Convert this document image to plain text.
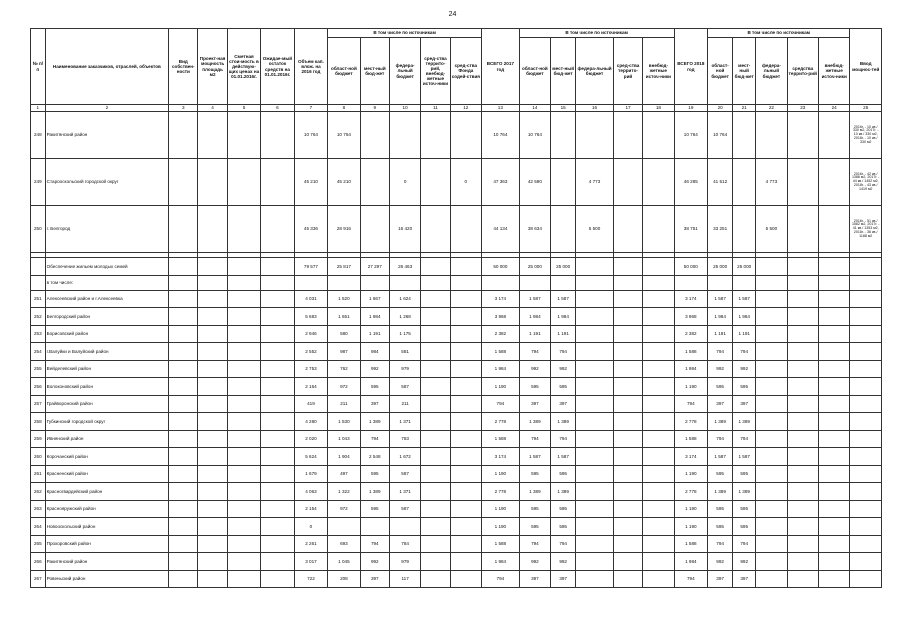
24
№ п/п	Наименование заказчиков, отраслей, объектов	Вид собствен-ности	Проект-ная мощность площадь м2	Сметная стои-мость в действую-щих ценах на 01.01.2016г.	Ожидае-мый остаток средств на 01.01.2016г.	Объем кап. влож. на 2016 год	В том числе по источникам					ВСЕГО 2017 год	В том числе по источникам					ВСЕГО 2018 год	В том числе по источникам					Ввод мощнос-тей
							област-ной бюджет	мест-ный бюд-жет	федера-льный бюджет	сред-ства террито-рий, внебюд-жетные источ-ники	сред-ства Фонда содей-ствия		област-ной бюджет	мест-ный бюд-жет	федера-льный бюджет	сред-ства террито-рий	внебюд-жетные источ-ники		област-ной бюджет	мест-ный бюд-жет	федера-льный бюджет	средства террито-рий	внебюд-жетные источ-ники	
1	2	3	4	5	6	7	8	9	10	11	12	13	14	15	16	17	18	19	20	21	22	23	24	25
248	Ракитянский район					10 764	10 764					10 764	10 764					10 764	10 764					2016г. - 10 кв./ 330 м2, 2017г. - 10 кв./ 330 м2, 2018г. - 10 кв./ 330 м2
249	Старооскольский городской округ					45 210	45 210		0		0	47 363	42 590		4 773			46 285	41 512		4 773			2016г. - 42 кв./ 1386 м2, 2017г. - 44 кв./ 1452 м2, 2018г. - 43 кв./ 1419 м2
250	г. Белгород					45 336	28 916		16 420			44 134	38 634		5 500			38 751	33 251		5 500			2016г. - 51 кв./ 1582 м2, 2017г. - 41 кв./ 1353 м2, 2018г. - 36 кв./ 1188 м2

	Обеспечение жильем молодых семей					79 577	25 817	27 297	26 463			50 000	25 000	25 000				50 000	25 000	25 000				
	в том числе:																							
251	Алексеевский район и г.Алексеевка					4 031	1 520	1 667	1 624			3 174	1 587	1 587				3 174	1 587	1 587				
252	Белгородский район					5 683	1 651	1 984	1 268			3 968	1 984	1 984				3 968	1 984	1 984				
253	Борисовский район					2 946	580	1 191	1 175			2 382	1 191	1 191				2 382	1 191	1 191				
254	г.Валуйки и Валуйский район					2 552	987	984	581			1 588	794	794				1 588	794	794				
255	Вейделевский район					2 753	762	992	979			1 984	992	992				1 984	992	992				
256	Волоконовский район					2 164	972	595	587			1 190	595	595				1 190	595	595				
257	Грайворонский район					419	211	397	211			794	397	397				794	397	397				
258	Губкинский городской округ					4 280	1 530	1 389	1 371			2 778	1 389	1 389				2 778	1 389	1 389				
259	Ивнянский район					2 020	1 043	794	783			1 588	794	794				1 588	794	794				
260	Корочанский район					5 624	1 904	2 548	1 672			3 174	1 587	1 587				3 174	1 587	1 587				
261	Красненский район					1 679	497	595	587			1 190	595	595				1 190	595	595				
262	Красногвардейский район					4 063	1 322	1 389	1 371			2 778	1 389	1 389				2 778	1 389	1 389				
263	Краснояружский район					2 154	972	595	587			1 190	595	595				1 190	595	595				
264	Новооскольский район					0						1 190	595	595				1 190	595	595				
265	Прохоровский район					2 261	693	794	784			1 588	794	794				1 588	794	794				
266	Ракитянский район					3 017	1 045	992	979			1 984	992	992				1 984	992	992				
267	Ровеньский район					722	208	397	117			794	397	397				794	397	397				
